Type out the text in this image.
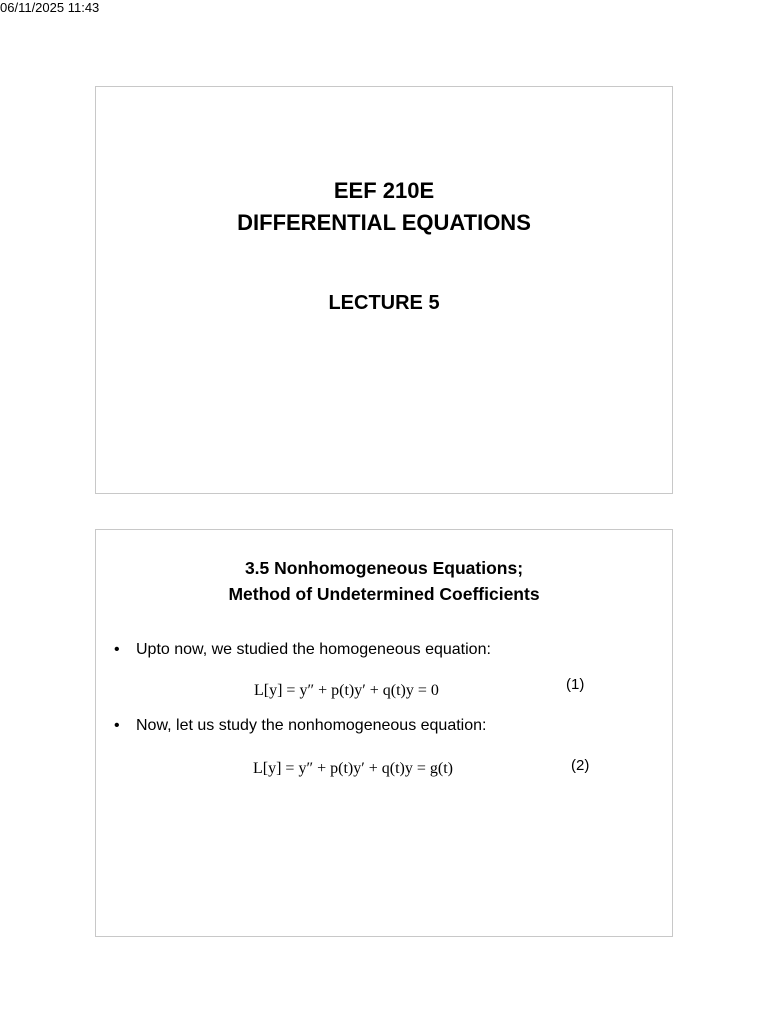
06/11/2025 11:43
EEF 210E
DIFFERENTIAL EQUATIONS
LECTURE 5
3.5 Nonhomogeneous Equations;
Method of Undetermined Coefficients
• Upto now, we studied the homogeneous equation:
L[y] = y″ + p(t)y′ + q(t)y = 0	(1)
• Now, let us study the nonhomogeneous equation:
L[y] = y″ + p(t)y′ + q(t)y = g(t)	(2)
